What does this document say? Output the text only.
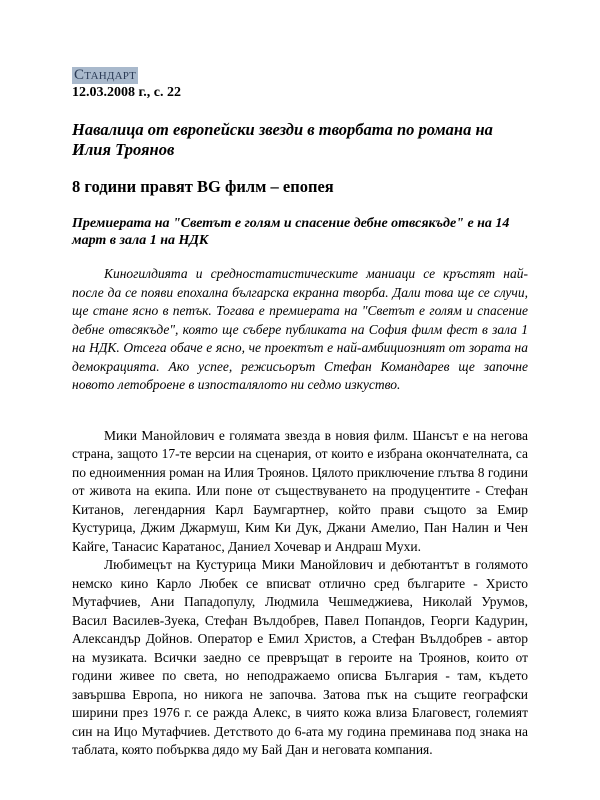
Стандарт
12.03.2008 г., с. 22
Навалица от европейски звезди в творбата по романа на Илия Троянов
8 години правят BG филм – епопея
Премиерата на "Светът е голям и спасение дебне отвсякъде" е на 14 март в зала 1 на НДК
Киногилдията и средностатистическите маниаци се кръстят най-после да се появи епохална българска екранна творба. Дали това ще се случи, ще стане ясно в петък. Тогава е премиерата на "Светът е голям и спасение дебне отвсякъде", която ще събере публиката на София филм фест в зала 1 на НДК. Отсега обаче е ясно, че проектът е най-амбициозният от зората на демокрацията. Ако успее, режисьорът Стефан Командарев ще започне новото летоброене в изпосталялото ни седмо изкуство.

Мики Манойлович е голямата звезда в новия филм. Шансът е на негова страна, защото 17-те версии на сценария, от които е избрана окончателната, са по едноименния роман на Илия Троянов. Цялото приключение глътва 8 години от живота на екипа. Или поне от съществуването на продуцентите - Стефан Китанов, легендарния Карл Баумгартнер, който прави същото за Емир Кустурица, Джим Джармуш, Ким Ки Дук, Джани Амелио, Пан Налин и Чен Кайге, Танасис Каратанос, Даниел Хочевар и Андраш Мухи.

Любимецът на Кустурица Мики Манойлович и дебютантът в голямото немско кино Карло Любек се вписват отлично сред българите - Христо Мутафчиев, Ани Пападопулу, Людмила Чешмеджиева, Николай Урумов, Васил Василев-Зуека, Стефан Вълдобрев, Павел Попандов, Георги Кадурин, Александър Дойнов. Оператор е Емил Христов, а Стефан Вълдобрев - автор на музиката. Всички заедно се превръщат в героите на Троянов, които от години живее по света, но неподражаемо описва България - там, където завършва Европа, но никога не започва. Затова пък на същите географски ширини през 1976 г. се ражда Алекс, в чиято кожа влиза Благовест, големият син на Ицо Мутафчиев. Детството до 6-ата му година преминава под знака на таблата, която побърква дядо му Бай Дан и неговата компания.
